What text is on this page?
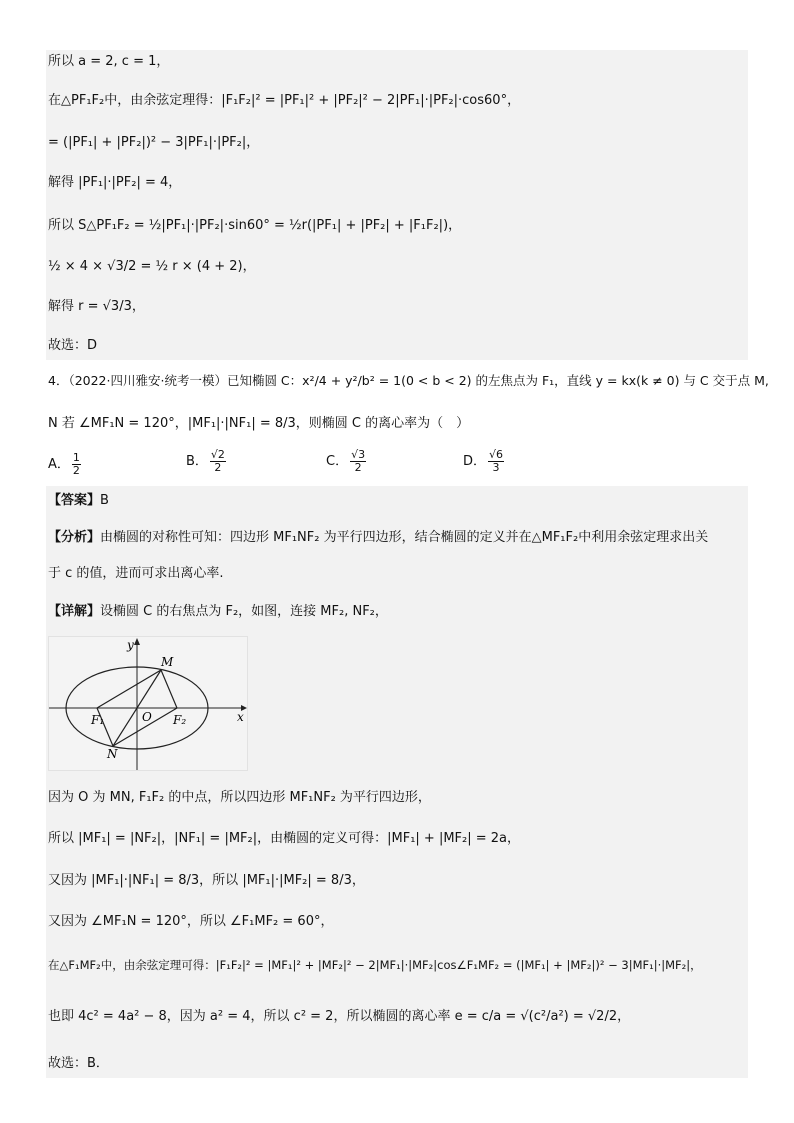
所以 a = 2, c = 1，
在△PF₁F₂中，由余弦定理得：|F₁F₂|² = |PF₁|² + |PF₂|² − 2|PF₁|·|PF₂|·cos60°，
= (|PF₁| + |PF₂|)² − 3|PF₁|·|PF₂|，
解得 |PF₁|·|PF₂| = 4，
所以 S△PF₁F₂ = ½|PF₁|·|PF₂|·sin60° = ½r(|PF₁| + |PF₂| + |F₁F₂|)，
½ × 4 × √3/2 = ½ r × (4 + 2)，
解得 r = √3/3，
故选：D
4．（2022·四川雅安·统考一模）已知椭圆 C：x²/4 + y²/b² = 1(0 < b < 2) 的左焦点为 F₁，直线 y = kx(k ≠ 0) 与 C 交于点 M,
N 若 ∠MF₁N = 120°，|MF₁|·|NF₁| = 8/3，则椭圆 C 的离心率为（　）
A． $\frac{1}{2}$	B． $\frac{√2}{2}$	C． $\frac{√3}{2}$	D． $\frac{√6}{3}$
【答案】B
【分析】由椭圆的对称性可知：四边形 MF₁NF₂ 为平行四边形，结合椭圆的定义并在△MF₁F₂中利用余弦定理求出关
于 c 的值，进而可求出离心率.
【详解】设椭圆 C 的右焦点为 F₂，如图，连接 MF₂, NF₂，
M
N
O
F₁	F₂
y
x
因为 O 为 MN, F₁F₂ 的中点，所以四边形 MF₁NF₂ 为平行四边形，
所以 |MF₁| = |NF₂|，|NF₁| = |MF₂|，由椭圆的定义可得：|MF₁| + |MF₂| = 2a，
又因为 |MF₁|·|NF₁| = 8/3，所以 |MF₁|·|MF₂| = 8/3，
又因为 ∠MF₁N = 120°，所以 ∠F₁MF₂ = 60°，
在△F₁MF₂中，由余弦定理可得：|F₁F₂|² = |MF₁|² + |MF₂|² − 2|MF₁|·|MF₂|cos∠F₁MF₂ = (|MF₁| + |MF₂|)² − 3|MF₁|·|MF₂|，
也即 4c² = 4a² − 8，因为 a² = 4，所以 c² = 2，所以椭圆的离心率 e = c/a = √(c²/a²) = √2/2，
故选：B．
